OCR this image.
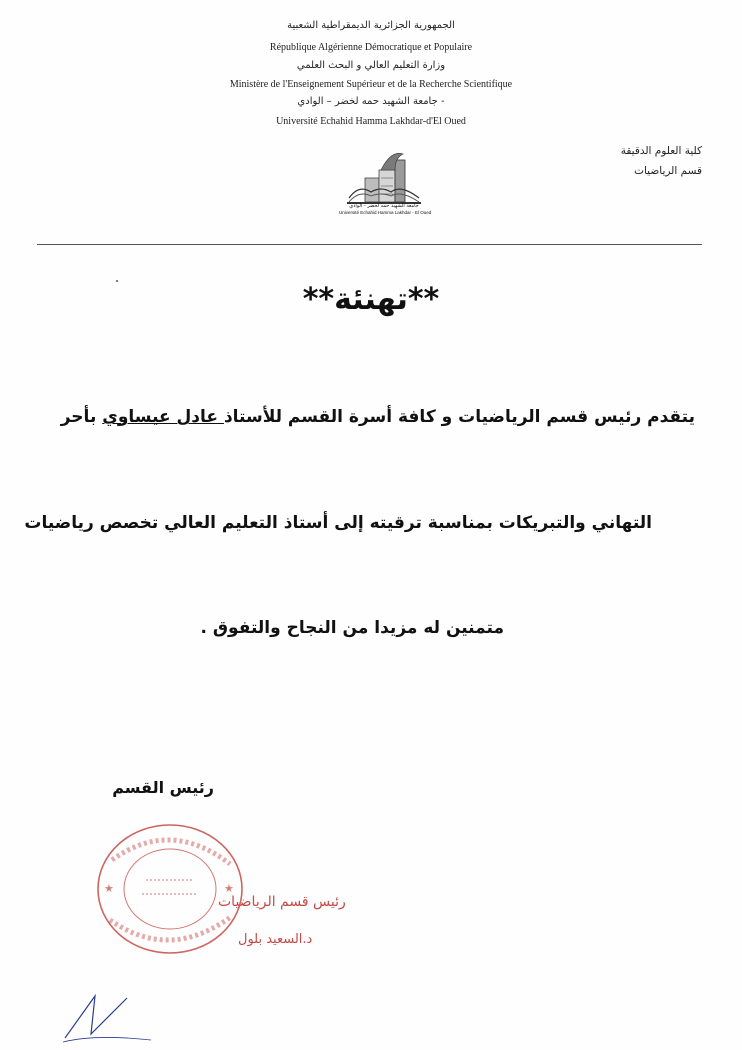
الجمهورية الجزائرية الديمقراطية الشعبية
République Algérienne Démocratique et Populaire
وزارة التعليم العالي و البحث العلمي
Ministère de l'Enseignement Supérieur et de la Recherche Scientifique
جامعة الشهيد حمه لخضر – الوادي -
Université Echahid Hamma Lakhdar-d'El Oued
كلية العلوم الدقيقة
قسم الرياضيات
جامعة الشهيد حمه لخضر - الوادي
Université Echahid Hamma Lakhdar - El Oued
**تهنئة**
يتقدم رئيس قسم الرياضيات و كافة أسرة القسم للأستاذ عادل عيساوي بأحر
التهاني والتبريكات بمناسبة ترقيته إلى أستاذ التعليم العالي تخصص رياضيات
متمنين له مزيدا من النجاح والتفوق .
رئيس القسم
★	★
رئيس قسم الرياضيات
د.السعيد بلول
